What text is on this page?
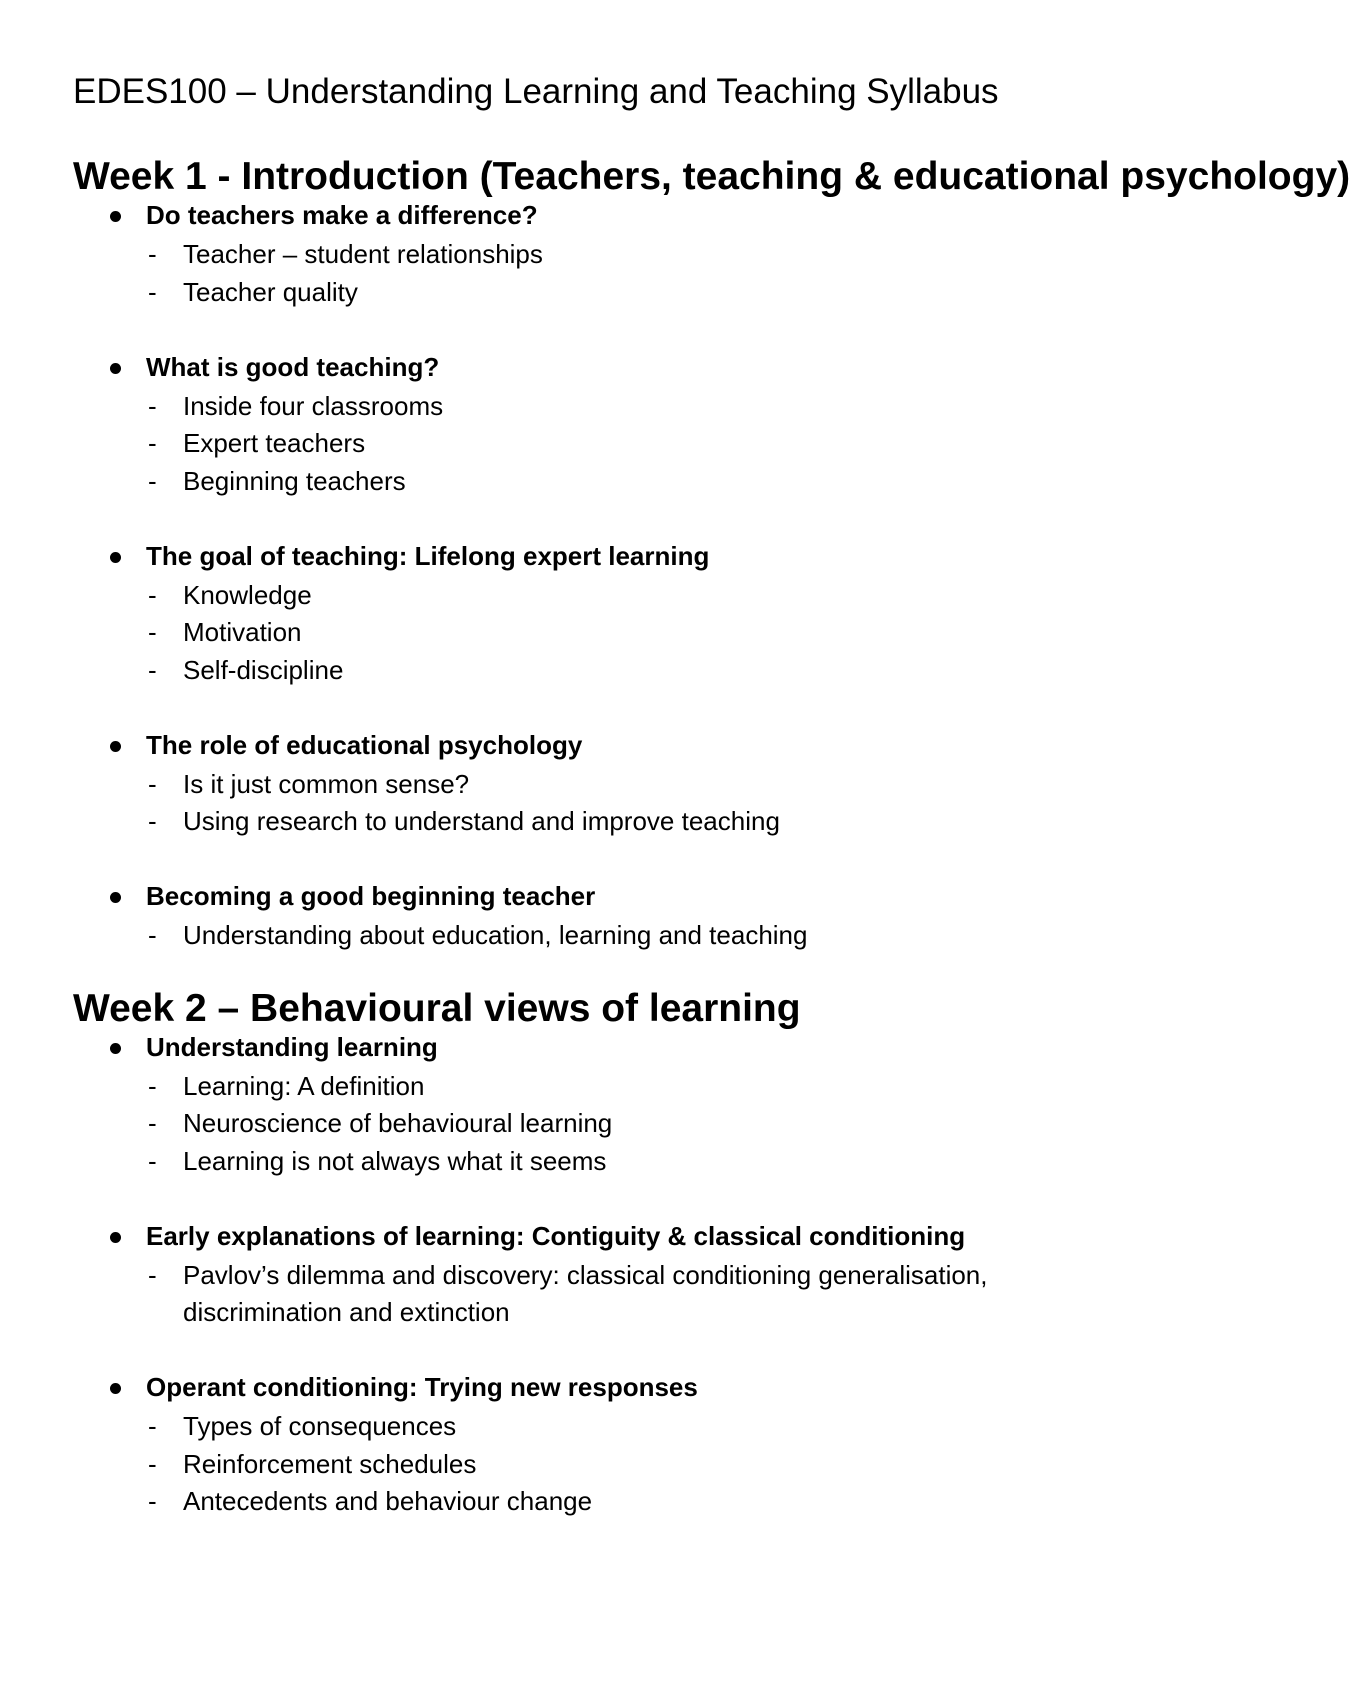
EDES100 – Understanding Learning and Teaching Syllabus
Week 1 - Introduction (Teachers, teaching & educational psychology)
Do teachers make a difference?
- Teacher – student relationships
- Teacher quality
What is good teaching?
- Inside four classrooms
- Expert teachers
- Beginning teachers
The goal of teaching: Lifelong expert learning
- Knowledge
- Motivation
- Self-discipline
The role of educational psychology
- Is it just common sense?
- Using research to understand and improve teaching
Becoming a good beginning teacher
- Understanding about education, learning and teaching
Week 2 – Behavioural views of learning
Understanding learning
- Learning: A definition
- Neuroscience of behavioural learning
- Learning is not always what it seems
Early explanations of learning: Contiguity & classical conditioning
- Pavlov’s dilemma and discovery: classical conditioning generalisation, discrimination and extinction
Operant conditioning: Trying new responses
- Types of consequences
- Reinforcement schedules
- Antecedents and behaviour change
